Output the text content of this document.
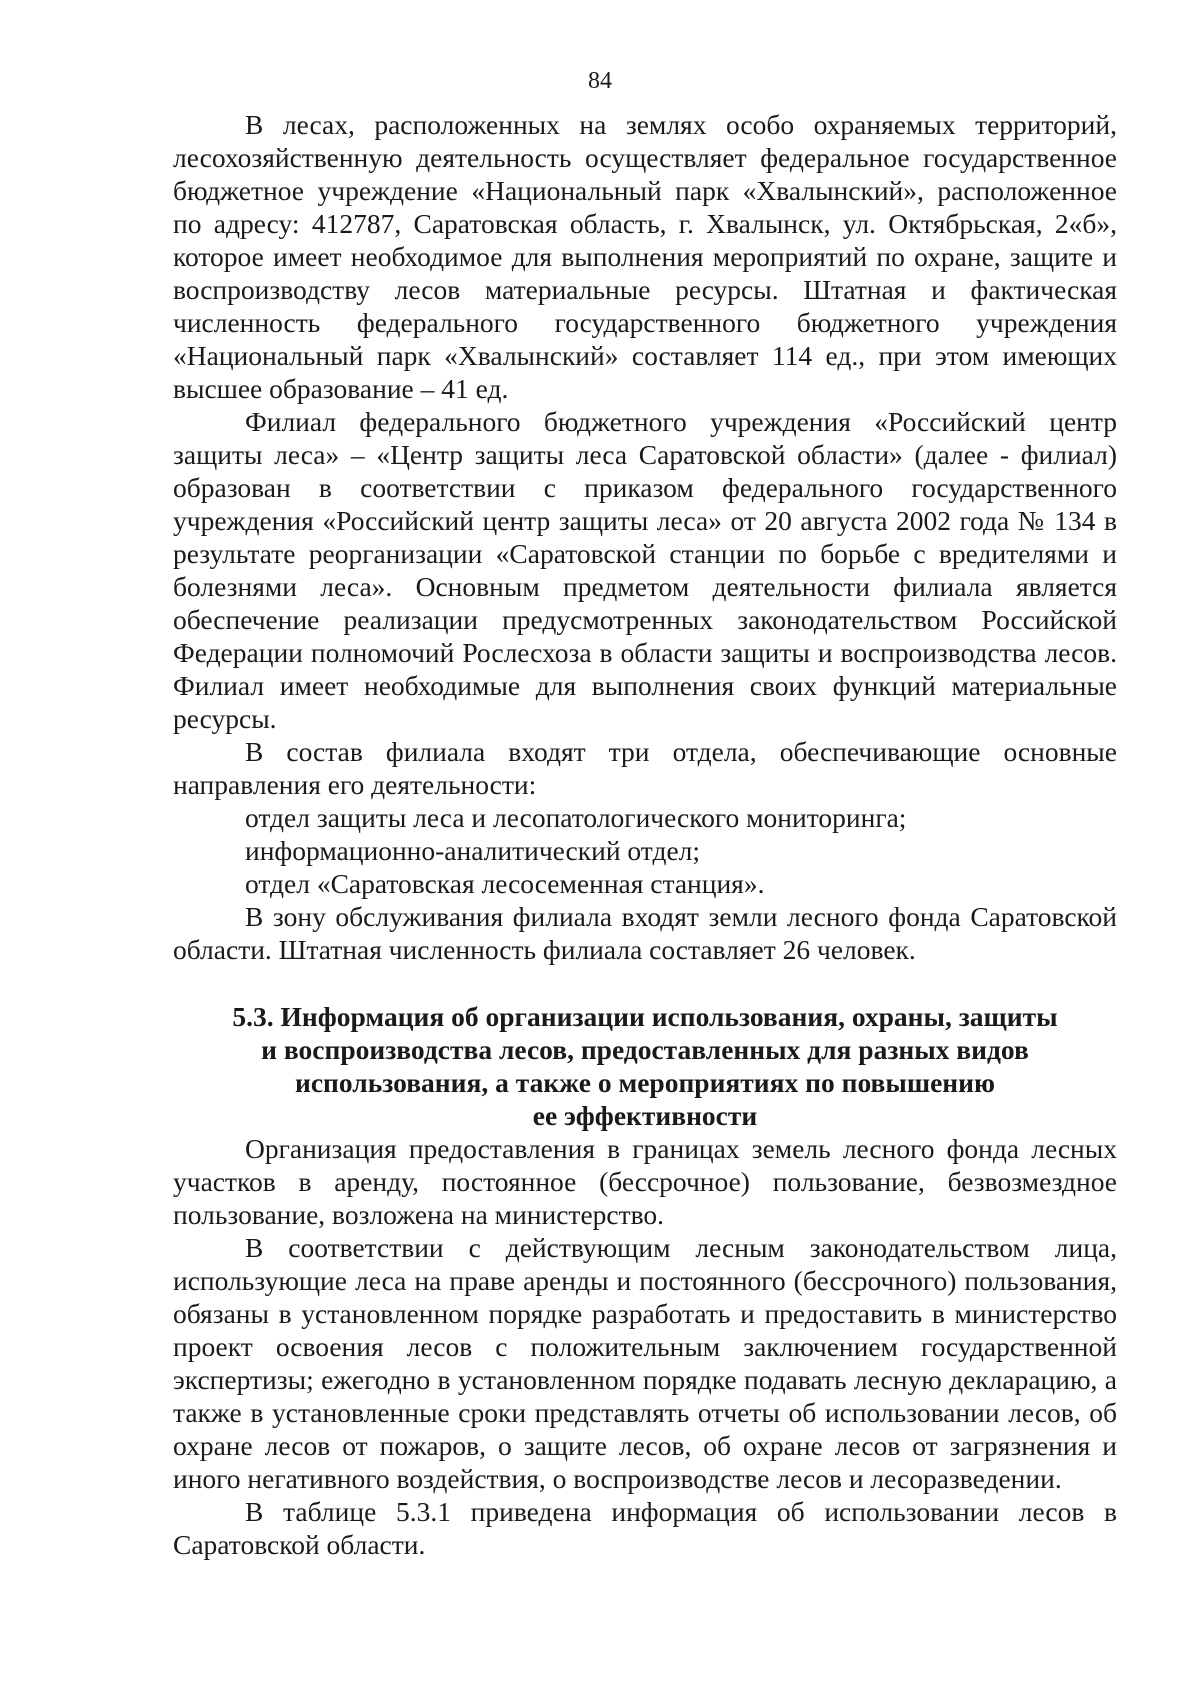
84

В лесах, расположенных на землях особо охраняемых территорий, лесохозяйственную деятельность осуществляет федеральное государственное бюджетное учреждение «Национальный парк «Хвалынский», расположенное по адресу: 412787, Саратовская область, г. Хвалынск, ул. Октябрьская, 2«б», которое имеет необходимое для выполнения мероприятий по охране, защите и воспроизводству лесов материальные ресурсы. Штатная и фактическая численность федерального государственного бюджетного учреждения «Национальный парк «Хвалынский» составляет 114 ед., при этом имеющих высшее образование – 41 ед.

Филиал федерального бюджетного учреждения «Российский центр защиты леса» – «Центр защиты леса Саратовской области» (далее - филиал) образован в соответствии с приказом федерального государственного учреждения «Российский центр защиты леса» от 20 августа 2002 года № 134 в результате реорганизации «Саратовской станции по борьбе с вредителями и болезнями леса». Основным предметом деятельности филиала является обеспечение реализации предусмотренных законодательством Российской Федерации полномочий Рослесхоза в области защиты и воспроизводства лесов. Филиал имеет необходимые для выполнения своих функций материальные ресурсы.

В состав филиала входят три отдела, обеспечивающие основные направления его деятельности:

отдел защиты леса и лесопатологического мониторинга;

информационно-аналитический отдел;

отдел «Саратовская лесосеменная станция».

В зону обслуживания филиала входят земли лесного фонда Саратовской области. Штатная численность филиала составляет 26 человек.

5.3. Информация об организации использования, охраны, защиты
и воспроизводства лесов, предоставленных для разных видов
использования, а также о мероприятиях по повышению
ее эффективности

Организация предоставления в границах земель лесного фонда лесных участков в аренду, постоянное (бессрочное) пользование, безвозмездное пользование, возложена на министерство.

В соответствии с действующим лесным законодательством лица, использующие леса на праве аренды и постоянного (бессрочного) пользования, обязаны в установленном порядке разработать и предоставить в министерство проект освоения лесов с положительным заключением государственной экспертизы; ежегодно в установленном порядке подавать лесную декларацию, а также в установленные сроки представлять отчеты об использовании лесов, об охране лесов от пожаров, о защите лесов, об охране лесов от загрязнения и иного негативного воздействия, о воспроизводстве лесов и лесоразведении.

В таблице 5.3.1 приведена информация об использовании лесов в Саратовской области.
